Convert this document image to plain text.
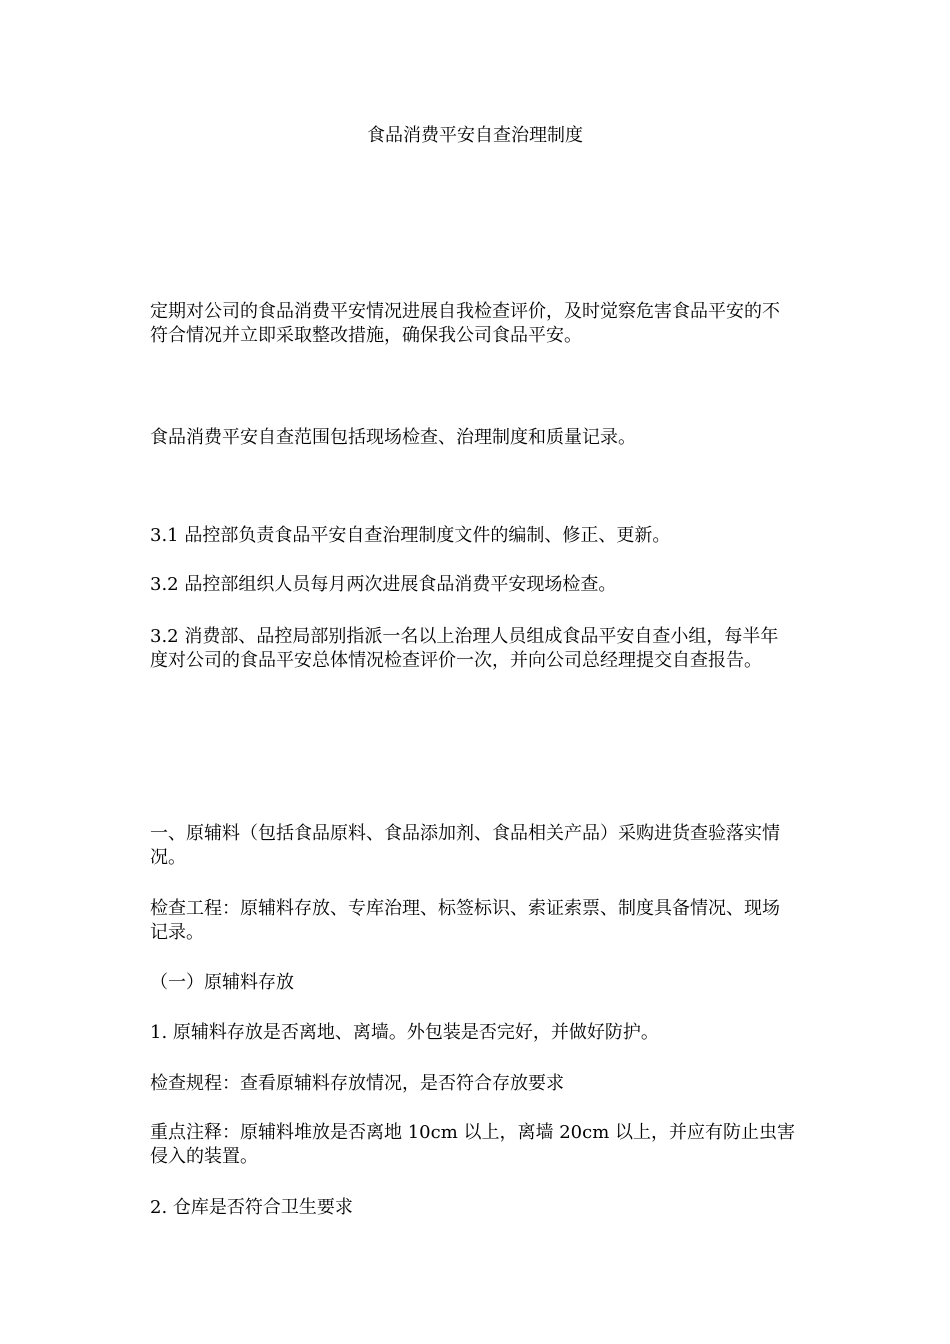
食品消费平安自查治理制度

定期对公司的食品消费平安情况进展自我检查评价，及时觉察危害食品平安的不符合情况并立即采取整改措施，确保我公司食品平安。

食品消费平安自查范围包括现场检查、治理制度和质量记录。

3.1 品控部负责食品平安自查治理制度文件的编制、修正、更新。

3.2 品控部组织人员每月两次进展食品消费平安现场检查。

3.2 消费部、品控局部别指派一名以上治理人员组成食品平安自查小组，每半年度对公司的食品平安总体情况检查评价一次，并向公司总经理提交自查报告。

一、原辅料（包括食品原料、食品添加剂、食品相关产品）采购进货查验落实情况。

检查工程：原辅料存放、专库治理、标签标识、索证索票、制度具备情况、现场记录。

（一）原辅料存放

1. 原辅料存放是否离地、离墙。外包装是否完好，并做好防护。

检查规程：查看原辅料存放情况，是否符合存放要求

重点注释：原辅料堆放是否离地 10cm 以上，离墙 20cm 以上，并应有防止虫害侵入的装置。

2. 仓库是否符合卫生要求
